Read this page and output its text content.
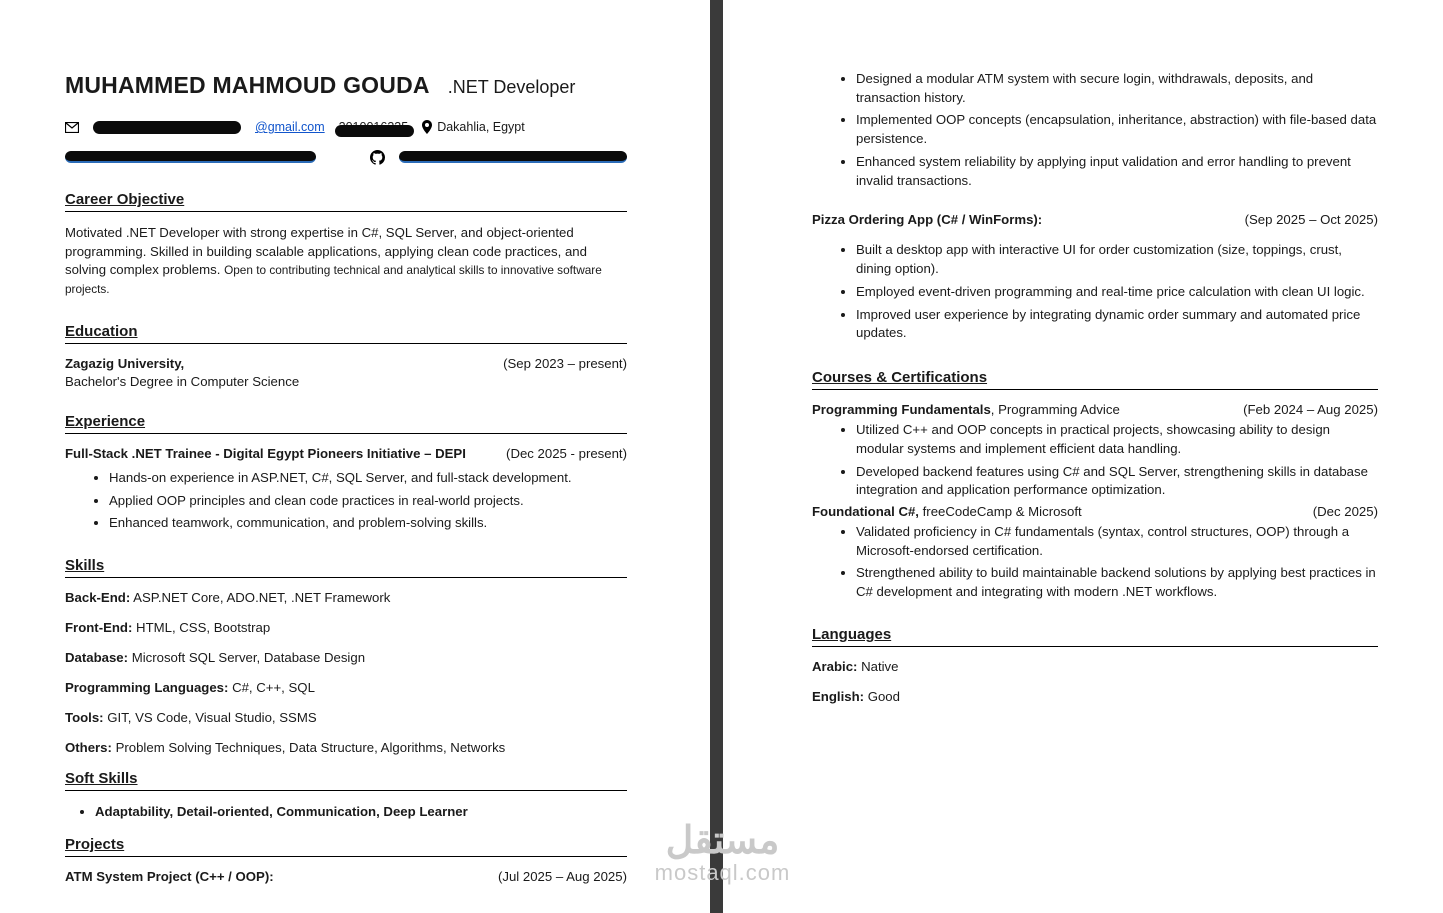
MUHAMMED MAHMOUD GOUDA .NET Developer
@gmail.com	Dakahlia, Egypt
Career Objective

Motivated .NET Developer with strong expertise in C#, SQL Server, and object-oriented programming. Skilled in building scalable applications, applying clean code practices, and solving complex problems. Open to contributing technical and analytical skills to innovative software projects.

Education
Zagazig University,	(Sep 2023 – present)
Bachelor's Degree in Computer Science
Experience
Full-Stack .NET Trainee - Digital Egypt Pioneers Initiative – DEPI	(Dec 2025 - present)
• Hands-on experience in ASP.NET, C#, SQL Server, and full-stack development.
• Applied OOP principles and clean code practices in real-world projects.
• Enhanced teamwork, communication, and problem-solving skills.
Skills
Back-End: ASP.NET Core, ADO.NET, .NET Framework
Front-End: HTML, CSS, Bootstrap
Database: Microsoft SQL Server, Database Design
Programming Languages: C#, C++, SQL
Tools: GIT, VS Code, Visual Studio, SSMS
Others: Problem Solving Techniques, Data Structure, Algorithms, Networks
Soft Skills
• Adaptability, Detail-oriented, Communication, Deep Learner
Projects
ATM System Project (C++ / OOP):	(Jul 2025 – Aug 2025)
• Designed a modular ATM system with secure login, withdrawals, deposits, and transaction history.
• Implemented OOP concepts (encapsulation, inheritance, abstraction) with file-based data persistence.
• Enhanced system reliability by applying input validation and error handling to prevent invalid transactions.
Pizza Ordering App (C# / WinForms):	(Sep 2025 – Oct 2025)
• Built a desktop app with interactive UI for order customization (size, toppings, crust, dining option).
• Employed event-driven programming and real-time price calculation with clean UI logic.
• Improved user experience by integrating dynamic order summary and automated price updates.
Courses & Certifications
Programming Fundamentals, Programming Advice	(Feb 2024 – Aug 2025)
• Utilized C++ and OOP concepts in practical projects, showcasing ability to design modular systems and implement efficient data handling.
• Developed backend features using C# and SQL Server, strengthening skills in database integration and application performance optimization.
Foundational C#, freeCodeCamp & Microsoft	(Dec 2025)
• Validated proficiency in C# fundamentals (syntax, control structures, OOP) through a Microsoft-endorsed certification.
• Strengthened ability to build maintainable backend solutions by applying best practices in C# development and integrating with modern .NET workflows.
Languages
Arabic: Native
English: Good
مستقل
mostaql.com
